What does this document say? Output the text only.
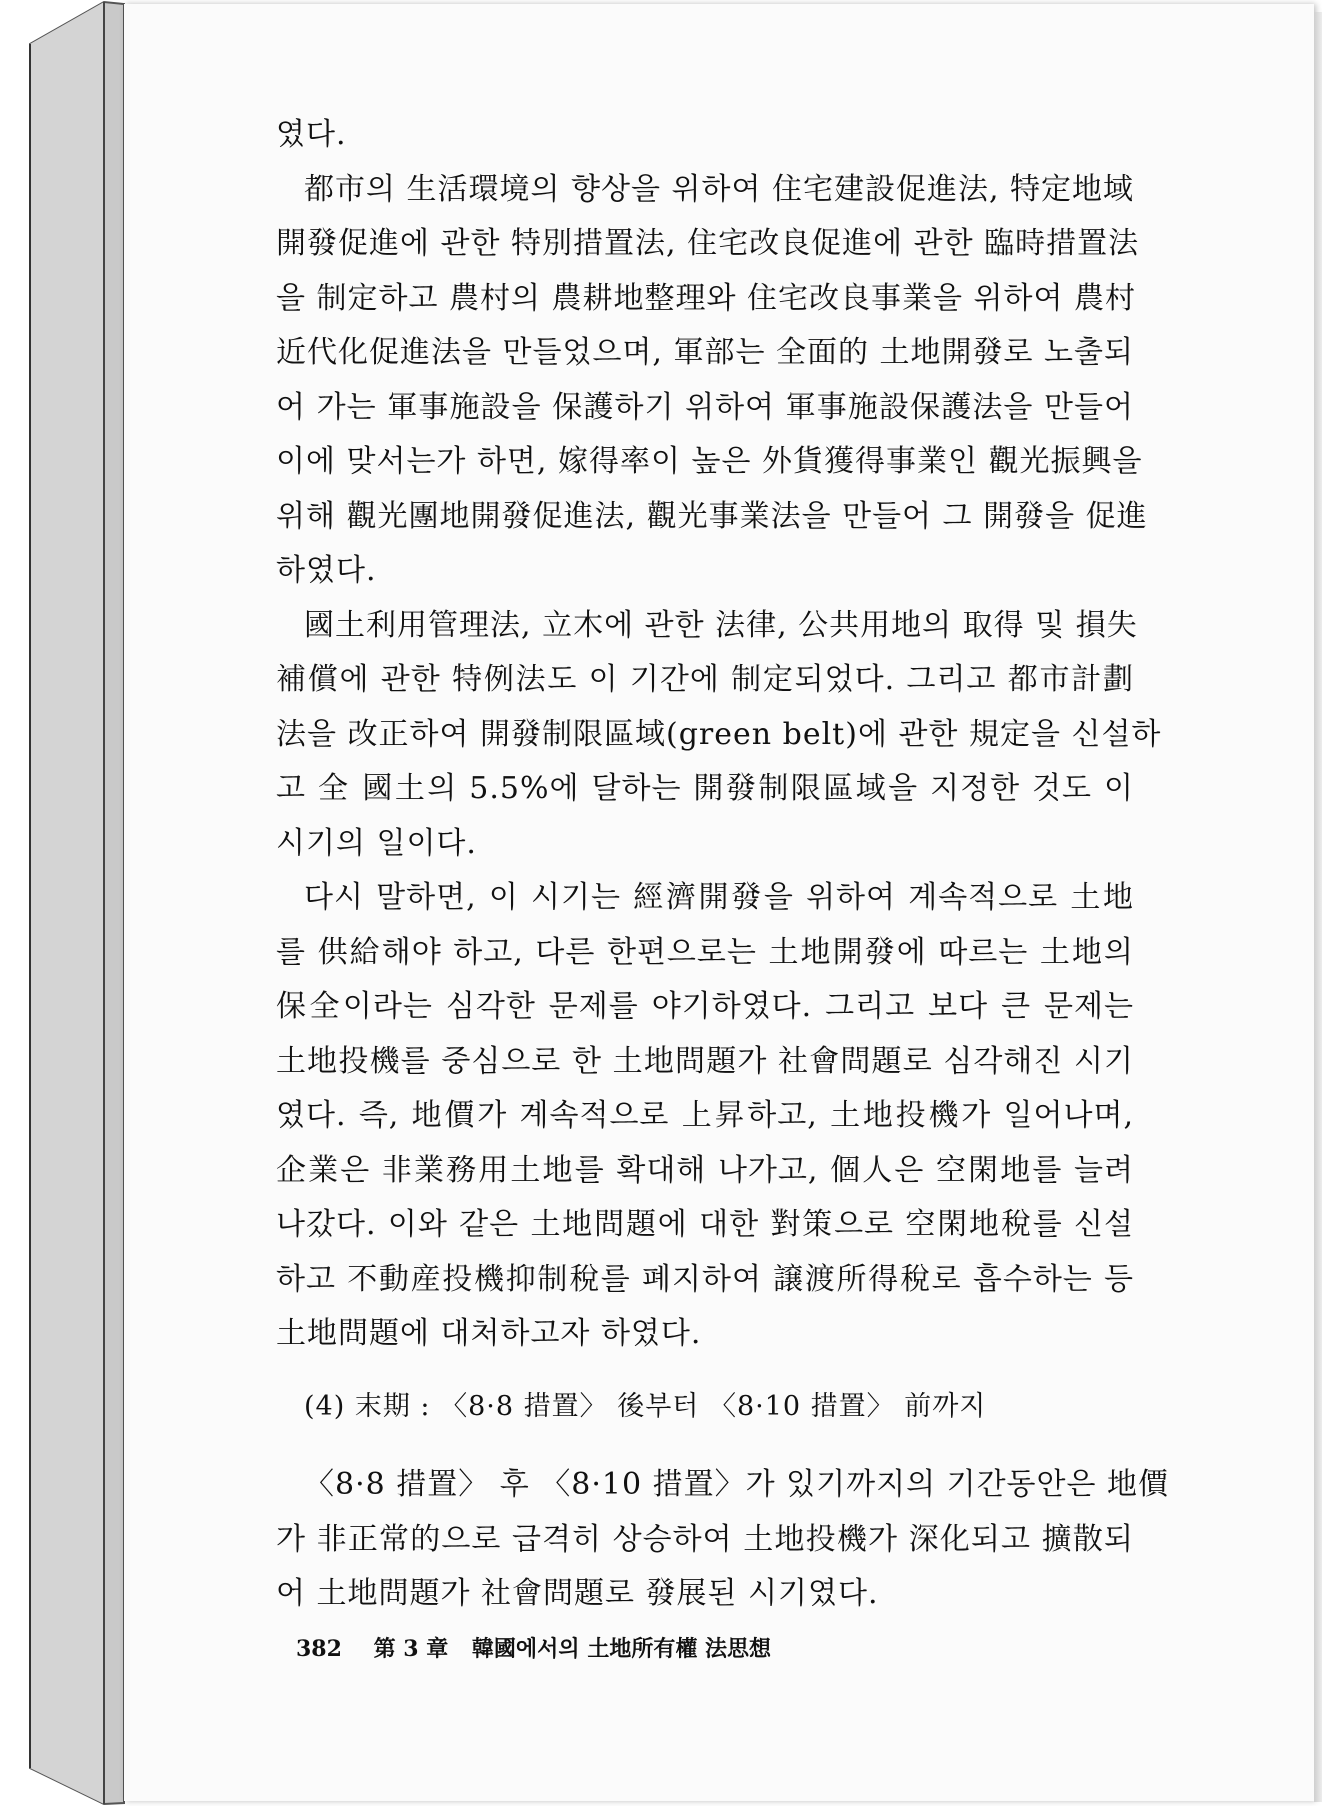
였다.
都市의 生活環境의 향상을 위하여 住宅建設促進法, 特定地域
開發促進에 관한 特別措置法, 住宅改良促進에 관한 臨時措置法
을 制定하고 農村의 農耕地整理와 住宅改良事業을 위하여 農村
近代化促進法을 만들었으며, 軍部는 全面的 土地開發로 노출되
어 가는 軍事施設을 保護하기 위하여 軍事施設保護法을 만들어
이에 맞서는가 하면, 嫁得率이 높은 外貨獲得事業인 觀光振興을
위해 觀光團地開發促進法, 觀光事業法을 만들어 그 開發을 促進
하였다.
國土利用管理法, 立木에 관한 法律, 公共用地의 取得 및 損失
補償에 관한 特例法도 이 기간에 制定되었다. 그리고 都市計劃
法을 改正하여 開發制限區域(green belt)에 관한 規定을 신설하
고 全 國土의 5.5%에 달하는 開發制限區域을 지정한 것도 이
시기의 일이다.
다시 말하면, 이 시기는 經濟開發을 위하여 계속적으로 土地
를 供給해야 하고, 다른 한편으로는 土地開發에 따르는 土地의
保全이라는 심각한 문제를 야기하였다. 그리고 보다 큰 문제는
土地投機를 중심으로 한 土地問題가 社會問題로 심각해진 시기
였다. 즉, 地價가 계속적으로 上昇하고, 土地投機가 일어나며,
企業은 非業務用土地를 확대해 나가고, 個人은 空閑地를 늘려
나갔다. 이와 같은 土地問題에 대한 對策으로 空閑地稅를 신설
하고 不動産投機抑制稅를 폐지하여 譲渡所得稅로 흡수하는 등
土地問題에 대처하고자 하였다.
(4) 末期 : 〈8·8 措置〉 後부터 〈8·10 措置〉 前까지
〈8·8 措置〉 후 〈8·10 措置〉가 있기까지의 기간동안은 地價
가 非正常的으로 급격히 상승하여 土地投機가 深化되고 擴散되
어 土地問題가 社會問題로 發展된 시기였다.
382 第 3 章 韓國에서의 土地所有權 法思想
